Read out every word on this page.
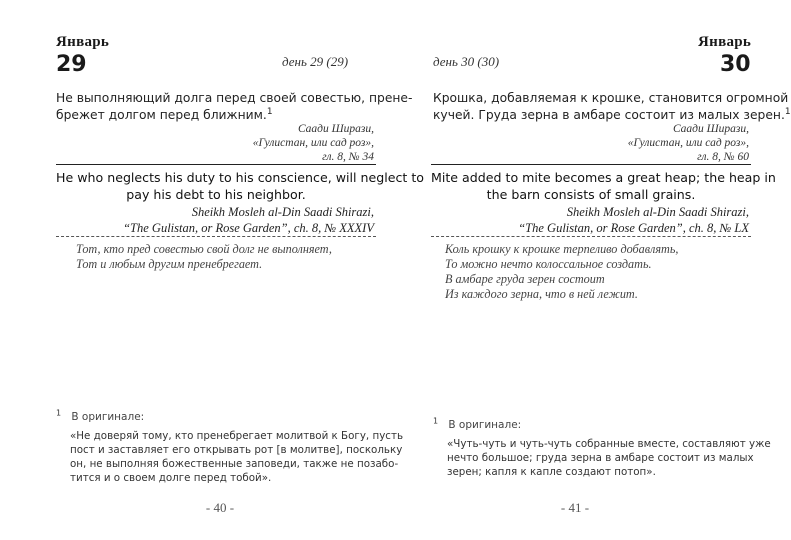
Январь
29	день 29 (29)
Не выполняющий долга перед своей совестью, прене-
брежет долгом перед ближним.$^1$
Саади Ширази,
«Гулистан, или сад роз»,
гл. 8, № 34
He who neglects his duty to his conscience, will neglect to
pay his debt to his neighbor.
Sheikh Mosleh al-Din Saadi Shirazi,
“The Gulistan, or Rose Garden”, ch. 8, № XXXIV
Тот, кто пред совестью свой долг не выполняет,
Тот и любым другим пренебрегает.
$^1$  В оригинале:
«Не доверяй тому, кто пренебрегает молитвой к Богу, пусть
пост и заставляет его открывать рот [в молитве], поскольку
он, не выполняя божественные заповеди, также не позабо-
тится и о своем долге перед тобой».
- 40 -
Январь
30
день 30 (30)
Крошка, добавляемая к крошке, становится огромной
кучей. Груда зерна в амбаре состоит из малых зерен.$^1$
Саади Ширази,
«Гулистан, или сад роз»,
гл. 8, № 60
Mite added to mite becomes a great heap; the heap in
the barn consists of small grains.
Sheikh Mosleh al-Din Saadi Shirazi,
“The Gulistan, or Rose Garden”, ch. 8, № LX
Коль крошку к крошке терпеливо добавлять,
То можно нечто колоссальное создать.
В амбаре груда зерен состоит
Из каждого зерна, что в ней лежит.
$^1$  В оригинале:
«Чуть-чуть и чуть-чуть собранные вместе, составляют уже
нечто большое; груда зерна в амбаре состоит из малых
зерен; капля к капле создают потоп».
- 41 -
